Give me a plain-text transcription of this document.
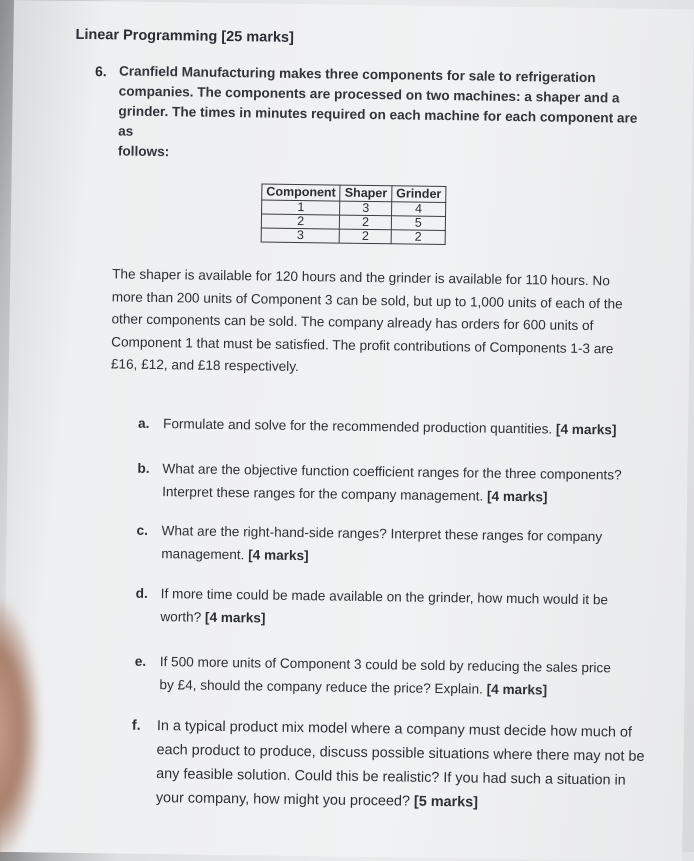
Linear Programming [25 marks]
6. Cranfield Manufacturing makes three components for sale to refrigeration
companies. The components are processed on two machines: a shaper and a
grinder. The times in minutes required on each machine for each component are as
follows:
Component	Shaper	Grinder
1	3	4
2	2	5
3	2	2
The shaper is available for 120 hours and the grinder is available for 110 hours. No
more than 200 units of Component 3 can be sold, but up to 1,000 units of each of the
other components can be sold. The company already has orders for 600 units of
Component 1 that must be satisfied. The profit contributions of Components 1-3 are
£16, £12, and £18 respectively.
a. Formulate and solve for the recommended production quantities. [4 marks]
b. What are the objective function coefficient ranges for the three components?
Interpret these ranges for the company management. [4 marks]
c. What are the right-hand-side ranges? Interpret these ranges for company
management. [4 marks]
d. If more time could be made available on the grinder, how much would it be
worth? [4 marks]
e. If 500 more units of Component 3 could be sold by reducing the sales price
by £4, should the company reduce the price? Explain. [4 marks]
f. In a typical product mix model where a company must decide how much of
each product to produce, discuss possible situations where there may not be
any feasible solution. Could this be realistic? If you had such a situation in
your company, how might you proceed? [5 marks]
